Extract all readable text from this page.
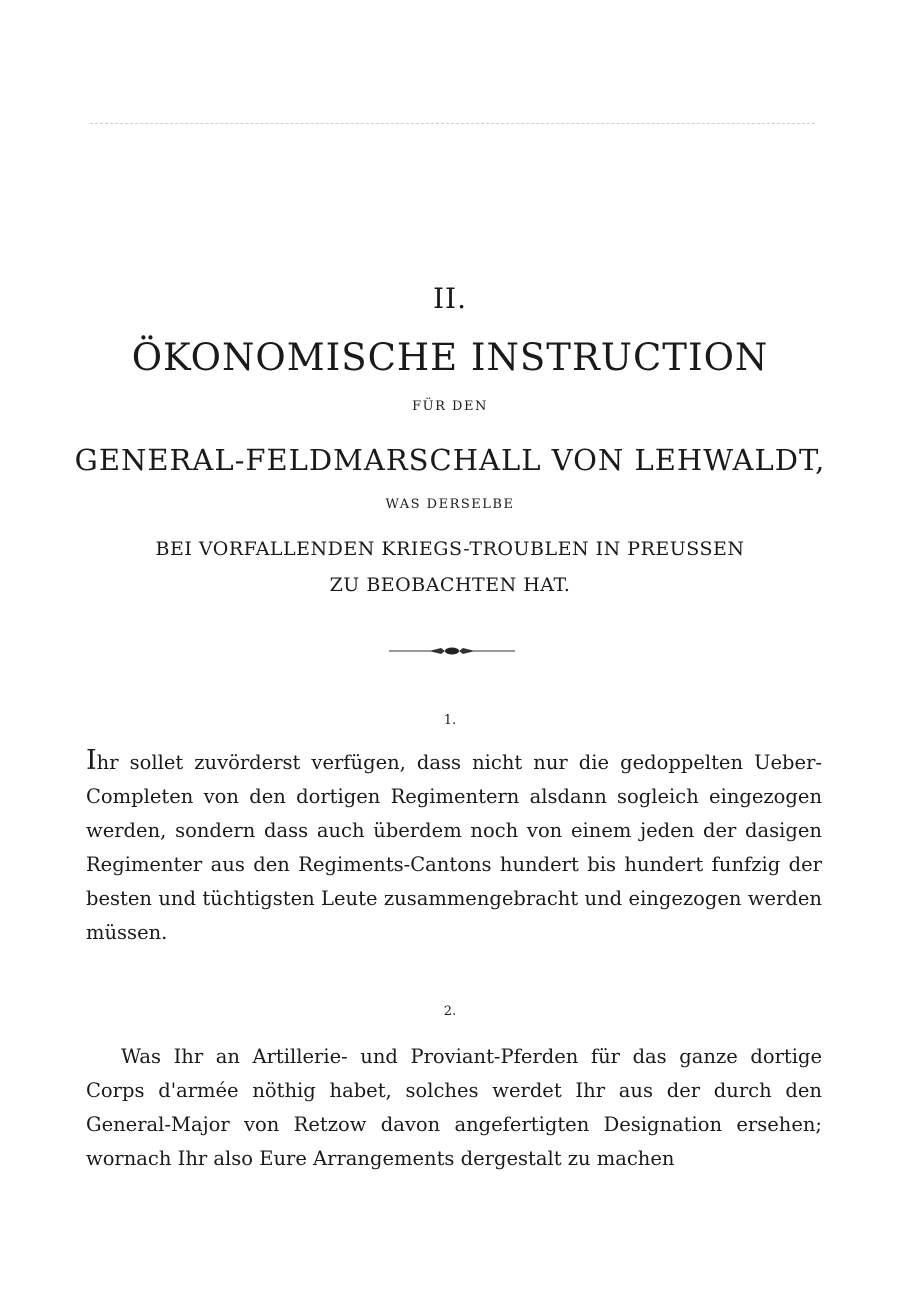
II.
ÖKONOMISCHE INSTRUCTION
FÜR DEN
GENERAL-FELDMARSCHALL VON LEHWALDT,
WAS DERSELBE
BEI VORFALLENDEN KRIEGS-TROUBLEN IN PREUSSEN
ZU BEOBACHTEN HAT.
1.

Ihr sollet zuvörderst verfügen, dass nicht nur die gedoppelten Ueber-Completen von den dortigen Regimentern alsdann sogleich eingezogen werden, sondern dass auch überdem noch von einem jeden der dasigen Regimenter aus den Regiments-Cantons hundert bis hundert funfzig der besten und tüchtigsten Leute zusammengebracht und eingezogen werden müssen.

2.

Was Ihr an Artillerie- und Proviant-Pferden für das ganze dortige Corps d'armée nöthig habet, solches werdet Ihr aus der durch den General-Major von Retzow davon angefertigten Designation ersehen; wornach Ihr also Eure Arrangements dergestalt zu machen
